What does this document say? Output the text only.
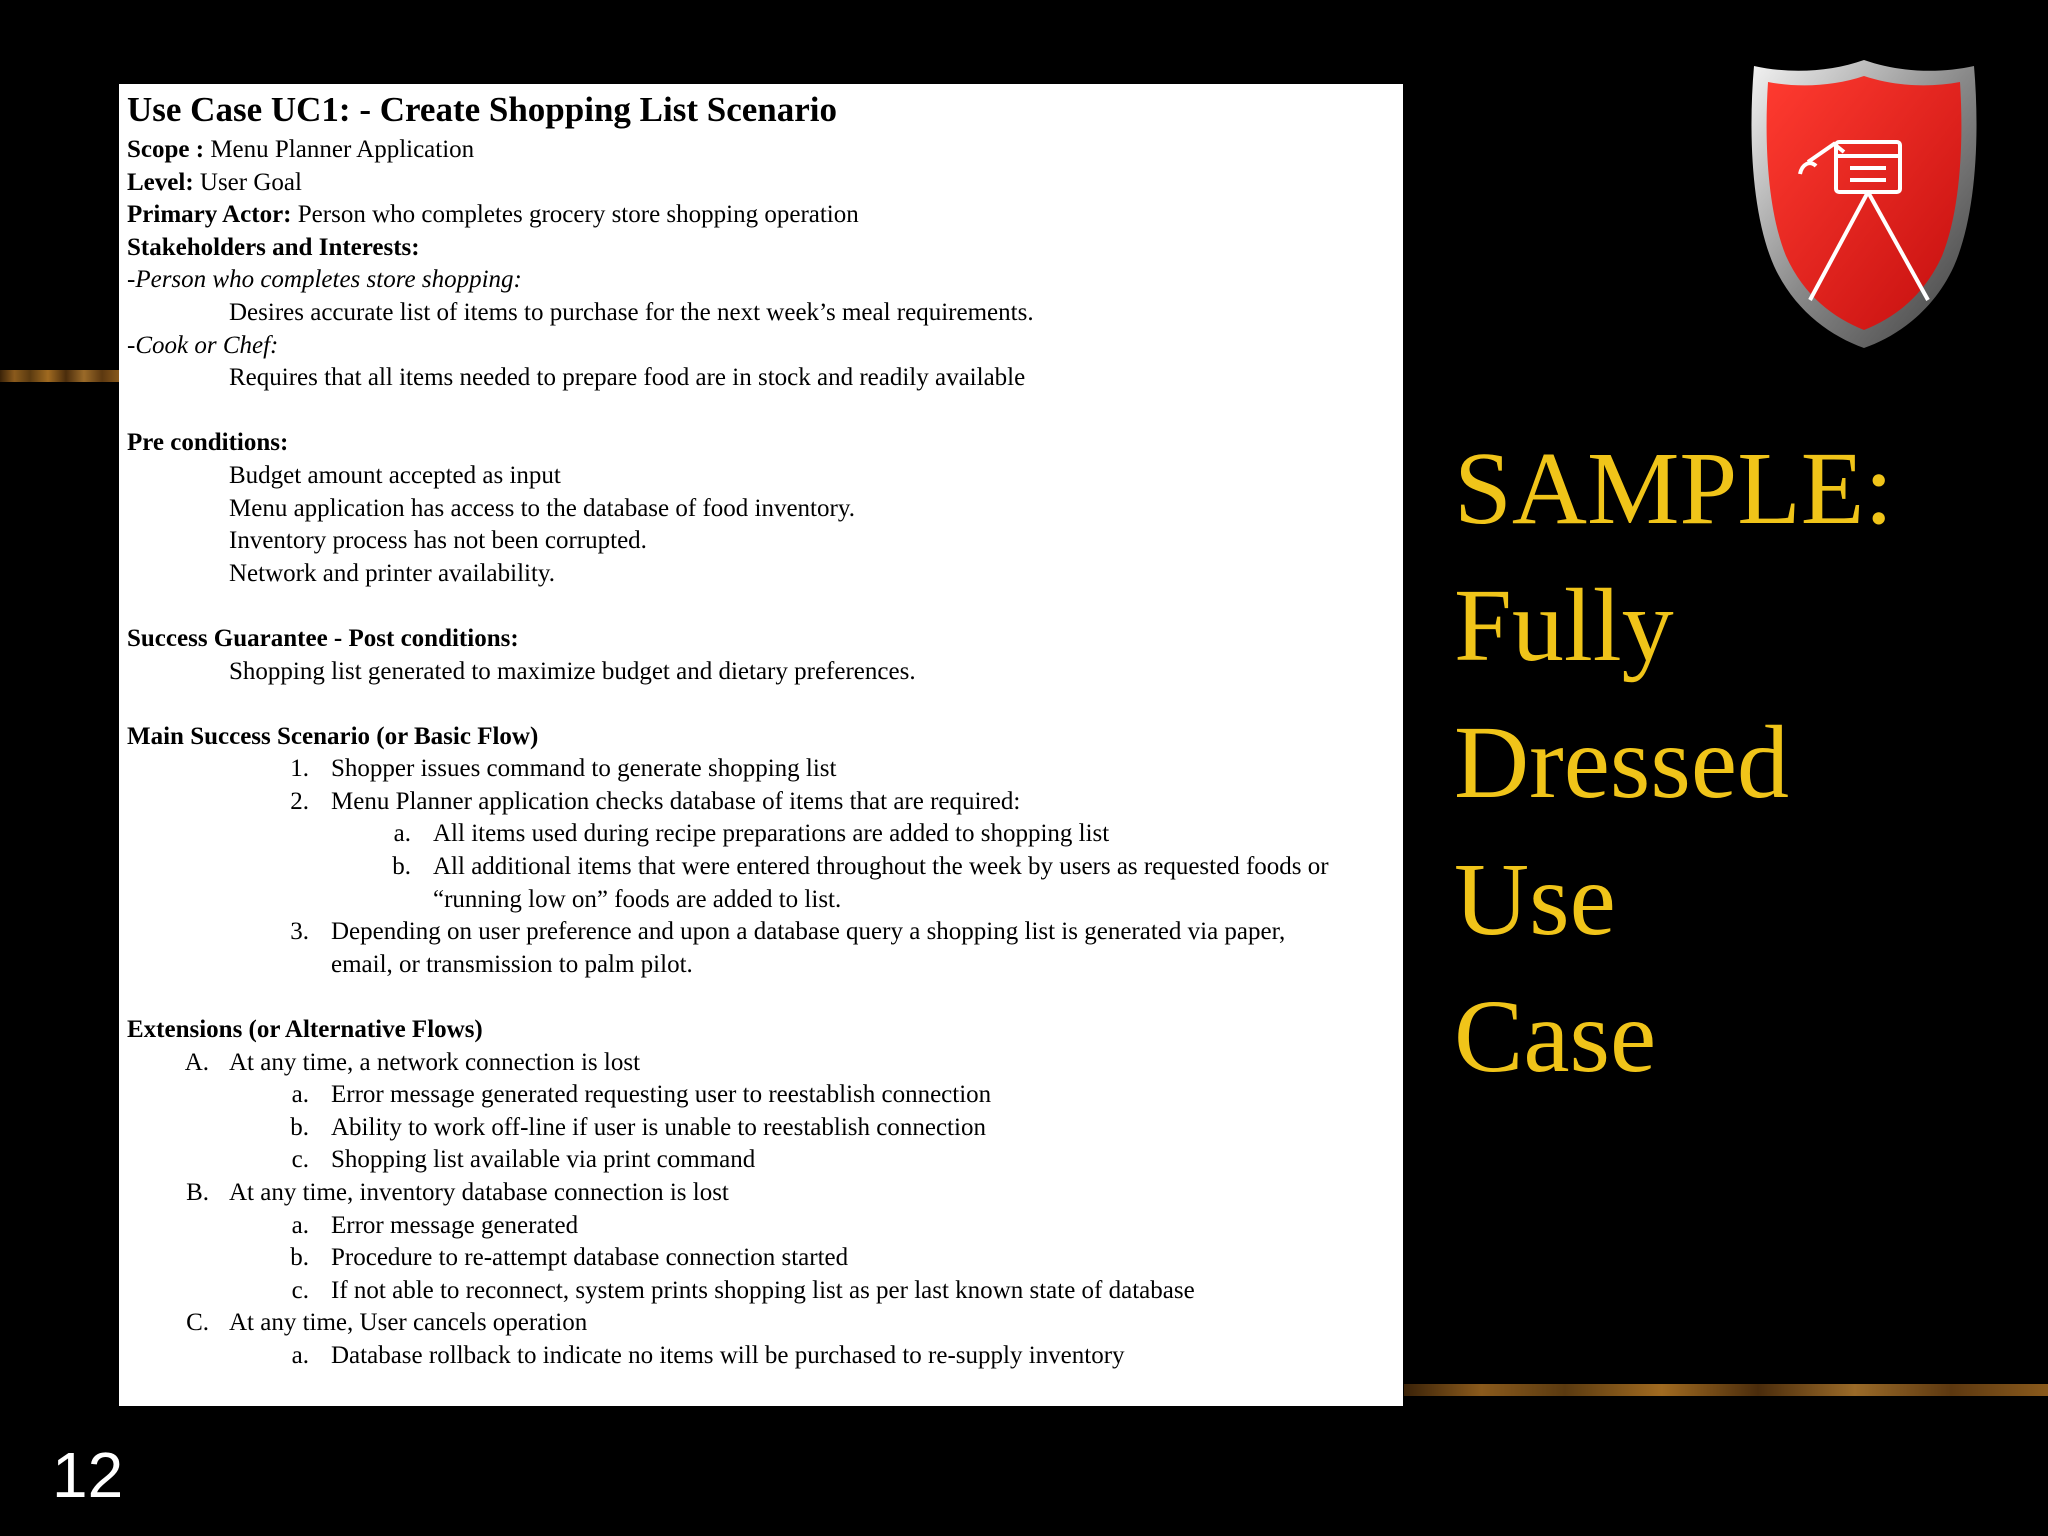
Use Case UC1: - Create Shopping List Scenario
Scope : Menu Planner Application
Level: User Goal
Primary Actor: Person who completes grocery store shopping operation
Stakeholders and Interests:
-Person who completes store shopping:
Desires accurate list of items to purchase for the next week’s meal requirements.
-Cook or Chef:
Requires that all items needed to prepare food are in stock and readily available
Pre conditions:
Budget amount accepted as input
Menu application has access to the database of food inventory.
Inventory process has not been corrupted.
Network and printer availability.
Success Guarantee - Post conditions:
Shopping list generated to maximize budget and dietary preferences.
Main Success Scenario (or Basic Flow)
1. Shopper issues command to generate shopping list
2. Menu Planner application checks database of items that are required:
a. All items used during recipe preparations are added to shopping list
b. All additional items that were entered throughout the week by users as requested foods or “running low on” foods are added to list.
3. Depending on user preference and upon a database query a shopping list is generated via paper, email, or transmission to palm pilot.
Extensions (or Alternative Flows)
A. At any time, a network connection is lost
a. Error message generated requesting user to reestablish connection
b. Ability to work off-line if user is unable to reestablish connection
c. Shopping list available via print command
B. At any time, inventory database connection is lost
a. Error message generated
b. Procedure to re-attempt database connection started
c. If not able to reconnect, system prints shopping list as per last known state of database
C. At any time, User cancels operation
a. Database rollback to indicate no items will be purchased to re-supply inventory
SAMPLE:
Fully
Dressed
Use
Case
12
